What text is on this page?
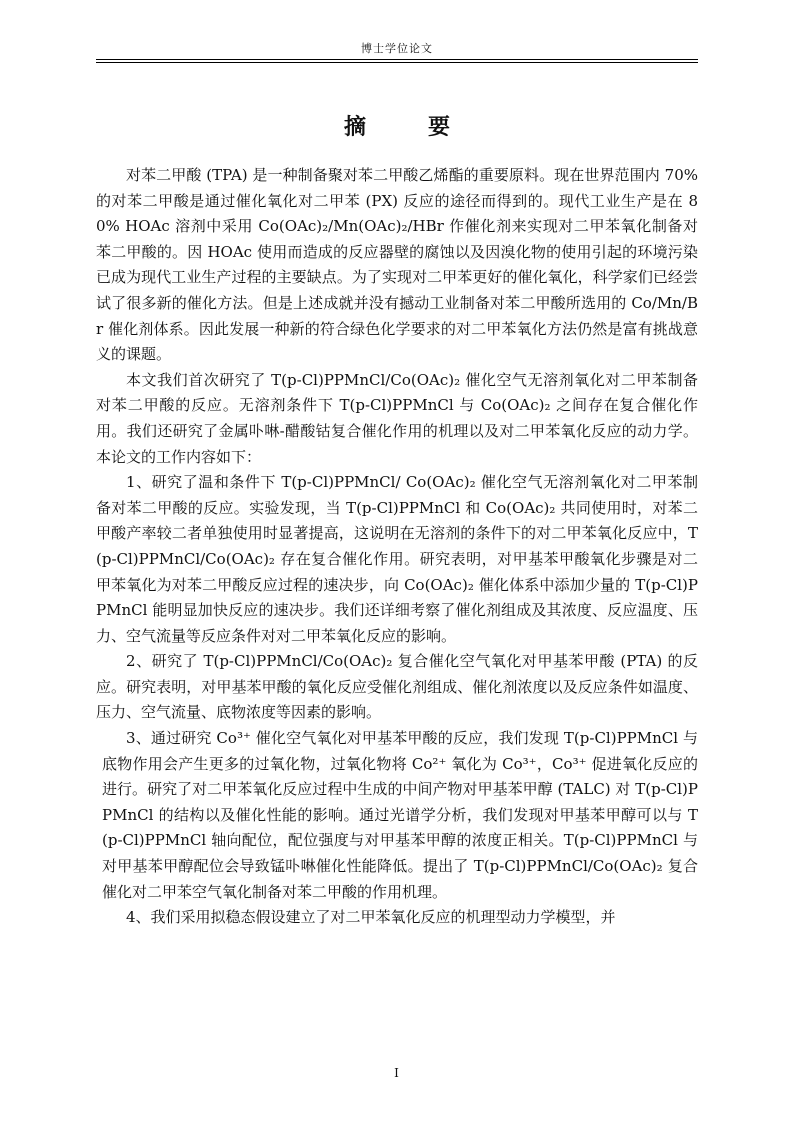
博士学位论文
摘　要

对苯二甲酸 (TPA) 是一种制备聚对苯二甲酸乙烯酯的重要原料。现在世界范围内 70%的对苯二甲酸是通过催化氧化对二甲苯 (PX) 反应的途径而得到的。现代工业生产是在 80% HOAc 溶剂中采用 Co(OAc)₂/Mn(OAc)₂/HBr 作催化剂来实现对二甲苯氧化制备对苯二甲酸的。因 HOAc 使用而造成的反应器壁的腐蚀以及因溴化物的使用引起的环境污染已成为现代工业生产过程的主要缺点。为了实现对二甲苯更好的催化氧化，科学家们已经尝试了很多新的催化方法。但是上述成就并没有撼动工业制备对苯二甲酸所选用的 Co/Mn/Br 催化剂体系。因此发展一种新的符合绿色化学要求的对二甲苯氧化方法仍然是富有挑战意义的课题。

本文我们首次研究了 T(p-Cl)PPMnCl/Co(OAc)₂ 催化空气无溶剂氧化对二甲苯制备对苯二甲酸的反应。无溶剂条件下 T(p-Cl)PPMnCl 与 Co(OAc)₂ 之间存在复合催化作用。我们还研究了金属卟啉-醋酸钴复合催化作用的机理以及对二甲苯氧化反应的动力学。本论文的工作内容如下：

1、研究了温和条件下 T(p-Cl)PPMnCl/ Co(OAc)₂ 催化空气无溶剂氧化对二甲苯制备对苯二甲酸的反应。实验发现，当 T(p-Cl)PPMnCl 和 Co(OAc)₂ 共同使用时，对苯二甲酸产率较二者单独使用时显著提高，这说明在无溶剂的条件下的对二甲苯氧化反应中，T(p-Cl)PPMnCl/Co(OAc)₂ 存在复合催化作用。研究表明，对甲基苯甲酸氧化步骤是对二甲苯氧化为对苯二甲酸反应过程的速决步，向 Co(OAc)₂ 催化体系中添加少量的 T(p-Cl)PPMnCl 能明显加快反应的速决步。我们还详细考察了催化剂组成及其浓度、反应温度、压力、空气流量等反应条件对对二甲苯氧化反应的影响。

2、研究了 T(p-Cl)PPMnCl/Co(OAc)₂ 复合催化空气氧化对甲基苯甲酸 (PTA) 的反应。研究表明，对甲基苯甲酸的氧化反应受催化剂组成、催化剂浓度以及反应条件如温度、压力、空气流量、底物浓度等因素的影响。

3、通过研究 Co³⁺ 催化空气氧化对甲基苯甲酸的反应，我们发现 T(p-Cl)PPMnCl 与底物作用会产生更多的过氧化物，过氧化物将 Co²⁺ 氧化为 Co³⁺，Co³⁺ 促进氧化反应的进行。研究了对二甲苯氧化反应过程中生成的中间产物对甲基苯甲醇 (TALC) 对 T(p-Cl)PPMnCl 的结构以及催化性能的影响。通过光谱学分析，我们发现对甲基苯甲醇可以与 T(p-Cl)PPMnCl 轴向配位，配位强度与对甲基苯甲醇的浓度正相关。T(p-Cl)PPMnCl 与对甲基苯甲醇配位会导致锰卟啉催化性能降低。提出了 T(p-Cl)PPMnCl/Co(OAc)₂ 复合催化对二甲苯空气氧化制备对苯二甲酸的作用机理。

4、我们采用拟稳态假设建立了对二甲苯氧化反应的机理型动力学模型，并

I
